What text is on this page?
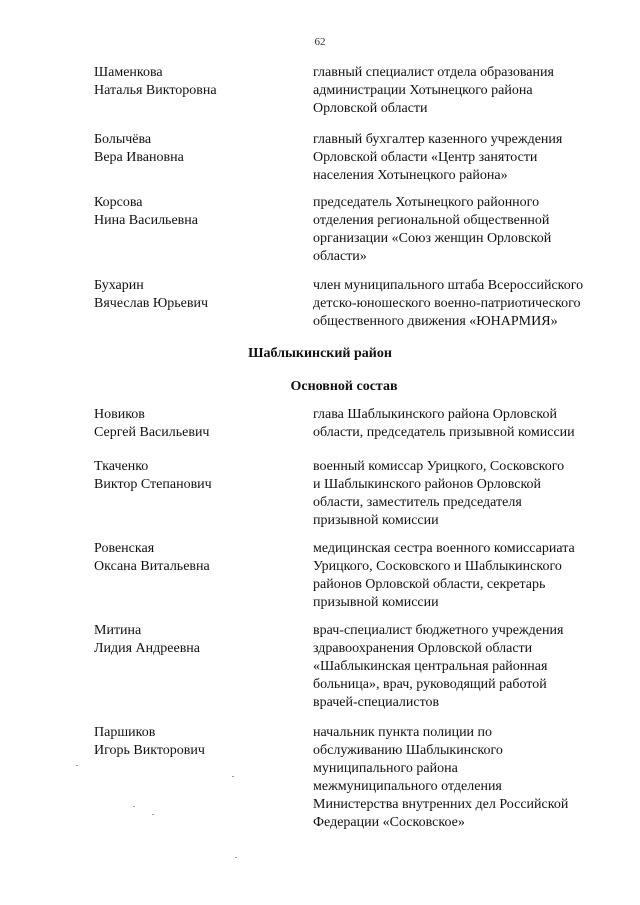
62
Шаменкова
Наталья Викторовна
главный специалист отдела образования
администрации Хотынецкого района
Орловской области
Болычёва
Вера Ивановна
главный бухгалтер казенного учреждения
Орловской области «Центр занятости
населения Хотынецкого района»
Корсова
Нина Васильевна
председатель Хотынецкого районного
отделения региональной общественной
организации «Союз женщин Орловской
области»
Бухарин
Вячеслав Юрьевич
член муниципального штаба Всероссийского
детско-юношеского военно-патриотического
общественного движения «ЮНАРМИЯ»
Шаблыкинский район
Основной состав
Новиков
Сергей Васильевич
глава Шаблыкинского района Орловской
области, председатель призывной комиссии
Ткаченко
Виктор Степанович
военный комиссар Урицкого, Сосковского
и Шаблыкинского районов Орловской
области, заместитель председателя
призывной комиссии
Ровенская
Оксана Витальевна
медицинская сестра военного комиссариата
Урицкого, Сосковского и Шаблыкинского
районов Орловской области, секретарь
призывной комиссии
Митина
Лидия Андреевна
врач-специалист бюджетного учреждения
здравоохранения Орловской области
«Шаблыкинская центральная районная
больница», врач, руководящий работой
врачей-специалистов
Паршиков
Игорь Викторович
начальник пункта полиции по
обслуживанию Шаблыкинского
муниципального района
межмуниципального отделения
Министерства внутренних дел Российской
Федерации «Сосковское»
